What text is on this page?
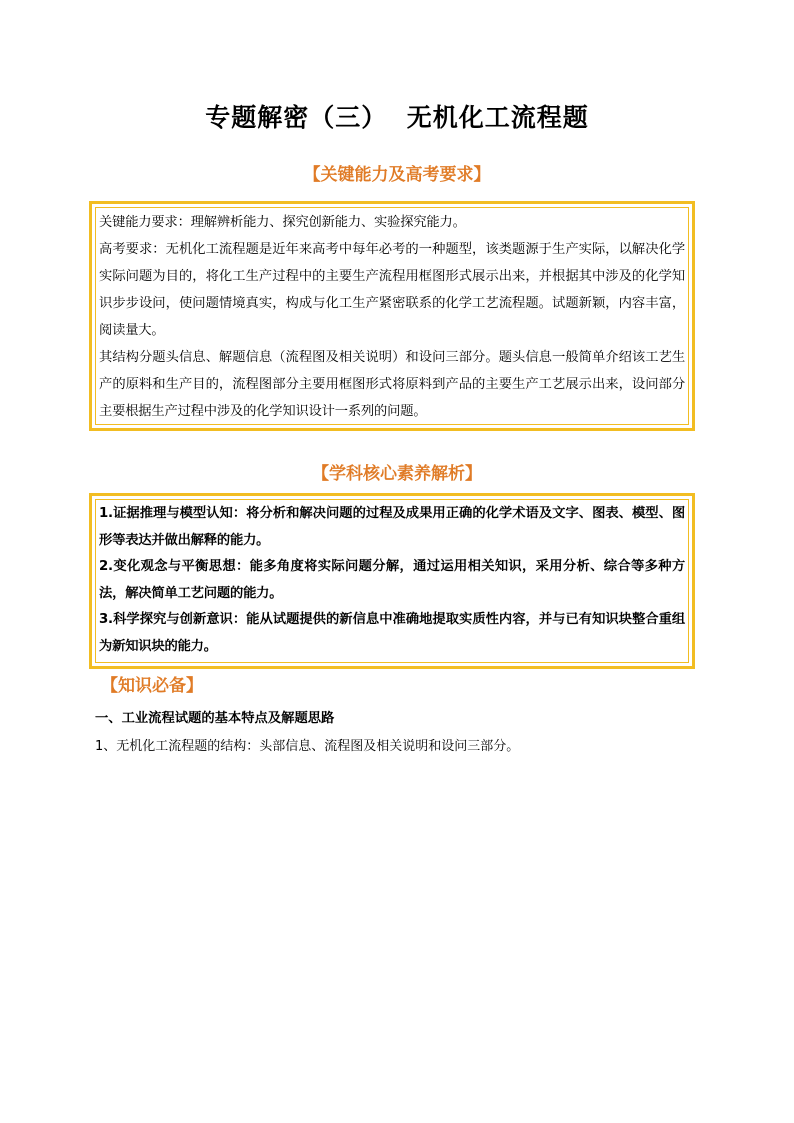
专题解密（三）  无机化工流程题
【关键能力及高考要求】
关键能力要求：理解辨析能力、探究创新能力、实验探究能力。
高考要求：无机化工流程题是近年来高考中每年必考的一种题型，该类题源于生产实际，以解决化学实际问题为目的，将化工生产过程中的主要生产流程用框图形式展示出来，并根据其中涉及的化学知识步步设问，使问题情境真实，构成与化工生产紧密联系的化学工艺流程题。试题新颖，内容丰富，阅读量大。
其结构分题头信息、解题信息（流程图及相关说明）和设问三部分。题头信息一般简单介绍该工艺生产的原料和生产目的，流程图部分主要用框图形式将原料到产品的主要生产工艺展示出来，设问部分主要根据生产过程中涉及的化学知识设计一系列的问题。
【学科核心素养解析】
1.证据推理与模型认知：将分析和解决问题的过程及成果用正确的化学术语及文字、图表、模型、图形等表达并做出解释的能力。
2.变化观念与平衡思想：能多角度将实际问题分解，通过运用相关知识，采用分析、综合等多种方法，解决简单工艺问题的能力。
3.科学探究与创新意识：能从试题提供的新信息中准确地提取实质性内容，并与已有知识块整合重组为新知识块的能力。
【知识必备】
一、工业流程试题的基本特点及解题思路
1、无机化工流程题的结构：头部信息、流程图及相关说明和设问三部分。
